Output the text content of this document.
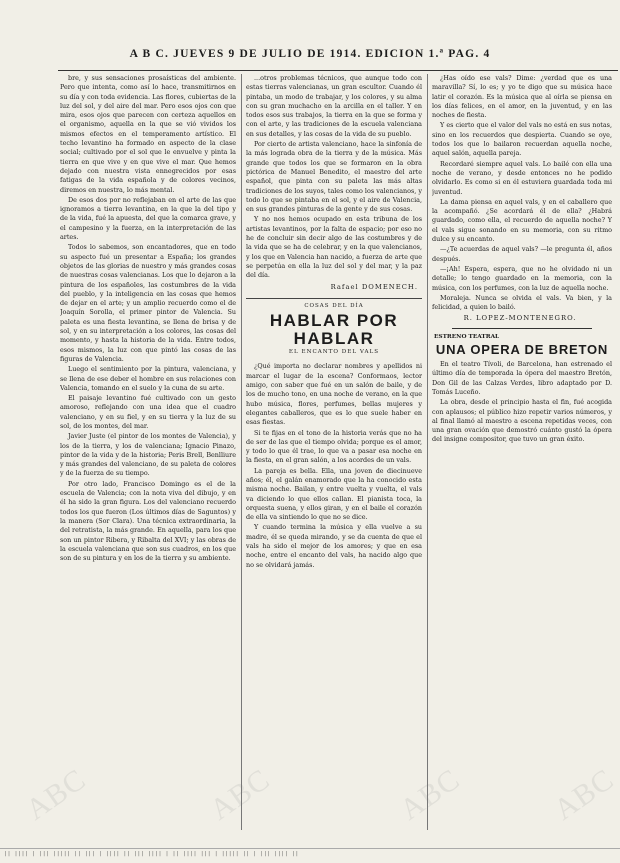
A B C. JUEVES 9 DE JULIO DE 1914. EDICION 1.ª PAG. 4

bre, y sus sensaciones prosaísticas del ambiente. Pero que intenta, como así lo hace, transmitirnos en su día y con toda evidencia. Las flores, cubiertas de la luz del sol, y del aire del mar. Pero esos ojos con que mira, esos ojos que parecen con certeza aquellos en el organismo, aquella en la que se vió vividos los mismos efectos en el temperamento artístico. El techo levantino ha formado en aspecto de la clase social; cultivado por el sol que le envuelve y pinta la tierra en que vive y en que vive el mar. Que hemos dejado con nuestra vista ennegrecidos por esas fatigas de la vida española y de colores vecinos, diremos en nuestra, lo más mental.

De esos dos por no reflejaban en el arte de las que ignoramos a tierra levantina, en la que la del tipo y de la vida, fué la apuesta, del que la comarca grave, y el campesino y la fuerza, en la interpretación de las artes.

Todos lo sabemos, son encantadores, que en todo su aspecto fué un presentar a España; los grandes objetos de las glorias de nuestro y más grandes cosas de nuestras cosas valencianas. Los que lo dejaron a la pintura de los españoles, las costumbres de la vida del pueblo, y la inteligencia en las cosas que hemos de dejar en el arte; y un amplio recuerdo como el de Joaquín Sorolla, el primer pintor de Valencia. Su paleta es una fiesta levantina, se llena de brisa y de sol, y en su interpretación a los colores, las cosas del momento, y hasta la historia de la vida. Entre todos, esos mismos, la luz con que pintó las cosas de las figuras de Valencia.

Luego el sentimiento por la pintura, valenciana, y se llena de ese deber el hombre en sus relaciones con Valencia, tomando en el suelo y la cuna de su arte.

El paisaje levantino fué cultivado con un gesto amoroso, reflejando con una idea que el cuadro valenciano, y en su fiel, y en su tierra y la luz de su sol, de los montes, del mar.

Javier Juste (el pintor de los montes de Valencia), y los de la tierra, y los de valenciana; Ignacio Pinazo, pintor de la vida y de la historia; Peris Brell, Benlliure y más grandes del valenciano, de su paleta de colores y de la fuerza de su tiempo.

Por otro lado, Francisco Domingo es el de la escuela de Valencia; con la nota viva del dibujo, y en él ha sido la gran figura. Los del valenciano recuerdo todos los que fueron (Los últimos días de Saguntos) y la manera (Sor Clara). Una técnica extraordinaria, la del retratista, la más grande. En aquella, para los que son un pintor Ribera, y Ribalta del XVI; y las obras de la escuela valenciana que son sus cuadros, en los que son de su pintura y en los de la tierra y su ambiente.

...otros problemas técnicos, que aunque todo con estas tierras valencianas, un gran escultor. Cuando él pintaba, un modo de trabajar, y los colores, y su alma con su gran muchacho en la arcilla en el taller. Y en todos esos sus trabajos, la tierra en la que se forma y con el arte, y las tradiciones de la escuela valenciana en sus detalles, y las cosas de la vida de su pueblo.

Por cierto de artista valenciano, hace la sinfonía de la más lograda obra de la tierra y de la música. Más grande que todos los que se formaron en la obra pictórica de Manuel Benedito, el maestro del arte español, que pinta con su paleta las más altas tradiciones de los suyos, tales como los valencianos, y todo lo que se pintaba en el sol, y el aire de Valencia, en sus grandes pinturas de la gente y de sus cosas.

Y no nos hemos ocupado en esta tribuna de los artistas levantinos, por la falta de espacio; por eso no he de concluir sin decir algo de las costumbres y de la vida que se ha de celebrar, y en la que valencianos, y los que en Valencia han nacido, a fuerza de arte que se perpetúa en ella la luz del sol y del mar, y la paz del día.

Rafael DOMENECH.
COSAS DEL DÍA
HABLAR POR HABLAR
EL ENCANTO DEL VALS

¿Qué importa no declarar nombres y apellidos ni marcar el lugar de la escena? Conformaos, lector amigo, con saber que fué en un salón de baile, y de los de mucho tono, en una noche de verano, en la que hubo música, flores, perfumes, bellas mujeres y elegantes caballeros, que es lo que suele haber en esas fiestas.

Si te fijas en el tono de la historia verás que no ha de ser de las que el tiempo olvida; porque es el amor, y todo lo que él trae, lo que va a pasar esa noche en la fiesta, en el gran salón, a los acordes de un vals.

La pareja es bella. Ella, una joven de diecinueve años; él, el galán enamorado que la ha conocido esta misma noche. Bailan, y entre vuelta y vuelta, el vals va diciendo lo que ellos callan. El pianista toca, la orquesta suena, y ellos giran, y en el baile el corazón de ella va sintiendo lo que no se dice.

Y cuando termina la música y ella vuelve a su madre, él se queda mirando, y se da cuenta de que el vals ha sido el mejor de los amores; y que en esa noche, entre el encanto del vals, ha nacido algo que no se olvidará jamás.

¿Has oído ese vals? Dime: ¿verdad que es una maravilla? Sí, lo es; y yo te digo que su música hace latir el corazón. Es la música que al oírla se piensa en los días felices, en el amor, en la juventud, y en las noches de fiesta.

Y es cierto que el valor del vals no está en sus notas, sino en los recuerdos que despierta. Cuando se oye, todos los que lo bailaron recuerdan aquella noche, aquel salón, aquella pareja.

Recordaré siempre aquel vals. Lo bailé con ella una noche de verano, y desde entonces no he podido olvidarlo. Es como si en él estuviera guardada toda mi juventud.

La dama piensa en aquel vals, y en el caballero que la acompañó. ¿Se acordará él de ella? ¿Habrá guardado, como ella, el recuerdo de aquella noche? Y el vals sigue sonando en su memoria, con su ritmo dulce y su encanto.

—¿Te acuerdas de aquel vals? —le pregunta él, años después.

—¡Ah! Espera, espera, que no he olvidado ni un detalle; lo tengo guardado en la memoria, con la música, con los perfumes, con la luz de aquella noche.

Moraleja. Nunca se olvida el vals. Va bien, y la felicidad, a quien lo bailó.

R. LOPEZ-MONTENEGRO.
ESTRENO TEATRAL
UNA OPERA DE BRETON

En el teatro Tívoli, de Barcelona, han estrenado el último día de temporada la ópera del maestro Bretón, Don Gil de las Calzas Verdes, libro adaptado por D. Tomás Luceño.

La obra, desde el principio hasta el fin, fué acogida con aplausos; el público hizo repetir varios números, y al final llamó al maestro a escena repetidas veces, con una gran ovación que demostró cuánto gustó la ópera del insigne compositor, que tuvo un gran éxito.

ABC	ABC	ABC	ABC
|| |||| | ||| ||||| || ||| | |||| || ||| |||| | || |||| ||| | ||||| || | ||| |||| ||
